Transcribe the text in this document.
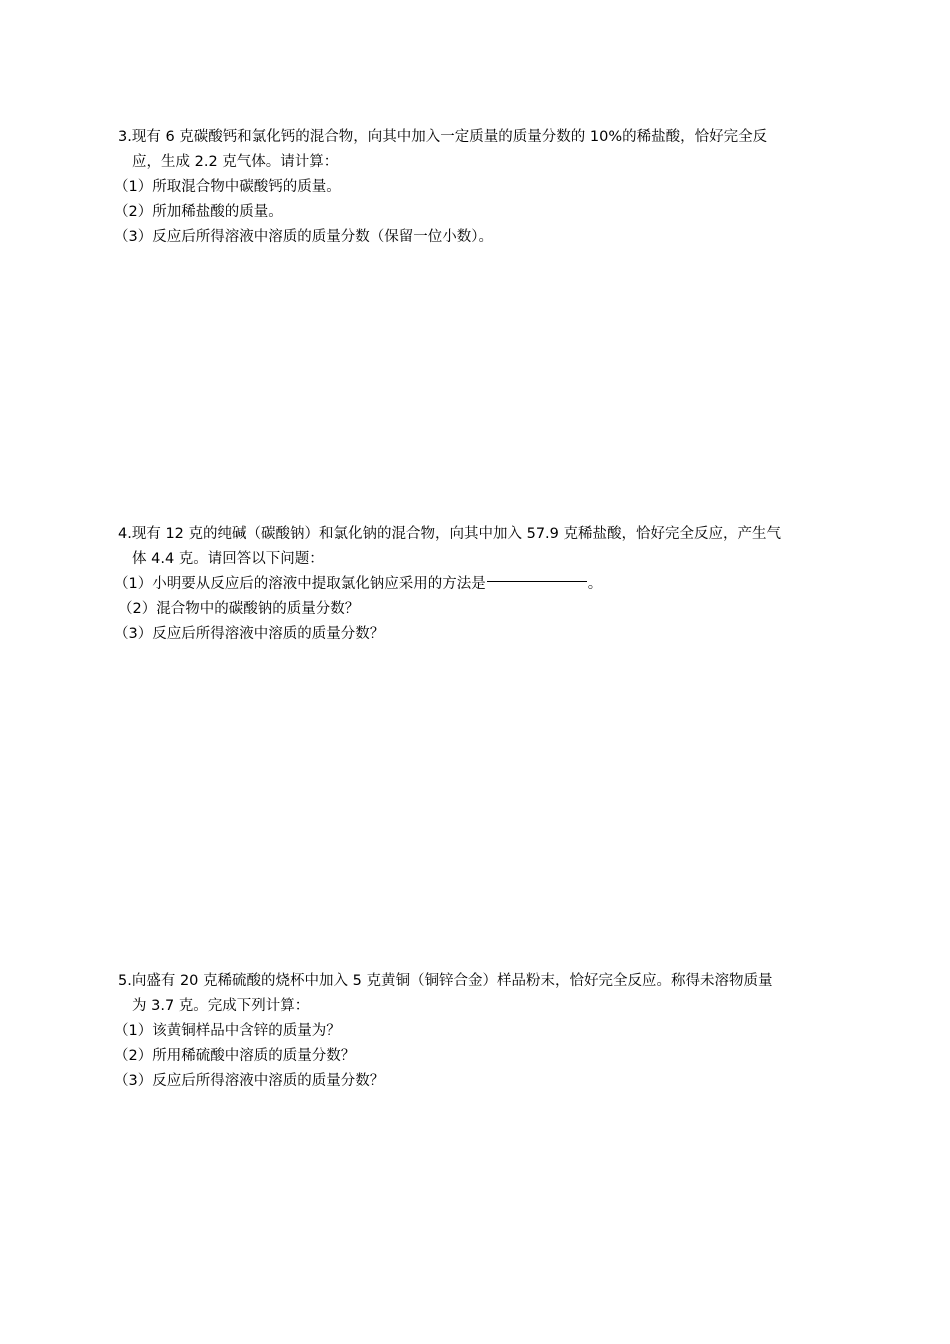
3.现有 6 克碳酸钙和氯化钙的混合物，向其中加入一定质量的质量分数的 10%的稀盐酸，恰好完全反
应，生成 2.2 克气体。请计算：
（1）所取混合物中碳酸钙的质量。
（2）所加稀盐酸的质量。
（3）反应后所得溶液中溶质的质量分数（保留一位小数）。
4.现有 12 克的纯碱（碳酸钠）和氯化钠的混合物，向其中加入 57.9 克稀盐酸，恰好完全反应，产生气
体 4.4 克。请回答以下问题：
（1）小明要从反应后的溶液中提取氯化钠应采用的方法是	。
（2）混合物中的碳酸钠的质量分数？
（3）反应后所得溶液中溶质的质量分数？
5.向盛有 20 克稀硫酸的烧杯中加入 5 克黄铜（铜锌合金）样品粉末，恰好完全反应。称得未溶物质量
为 3.7 克。完成下列计算：
（1）该黄铜样品中含锌的质量为？
（2）所用稀硫酸中溶质的质量分数？
（3）反应后所得溶液中溶质的质量分数？
